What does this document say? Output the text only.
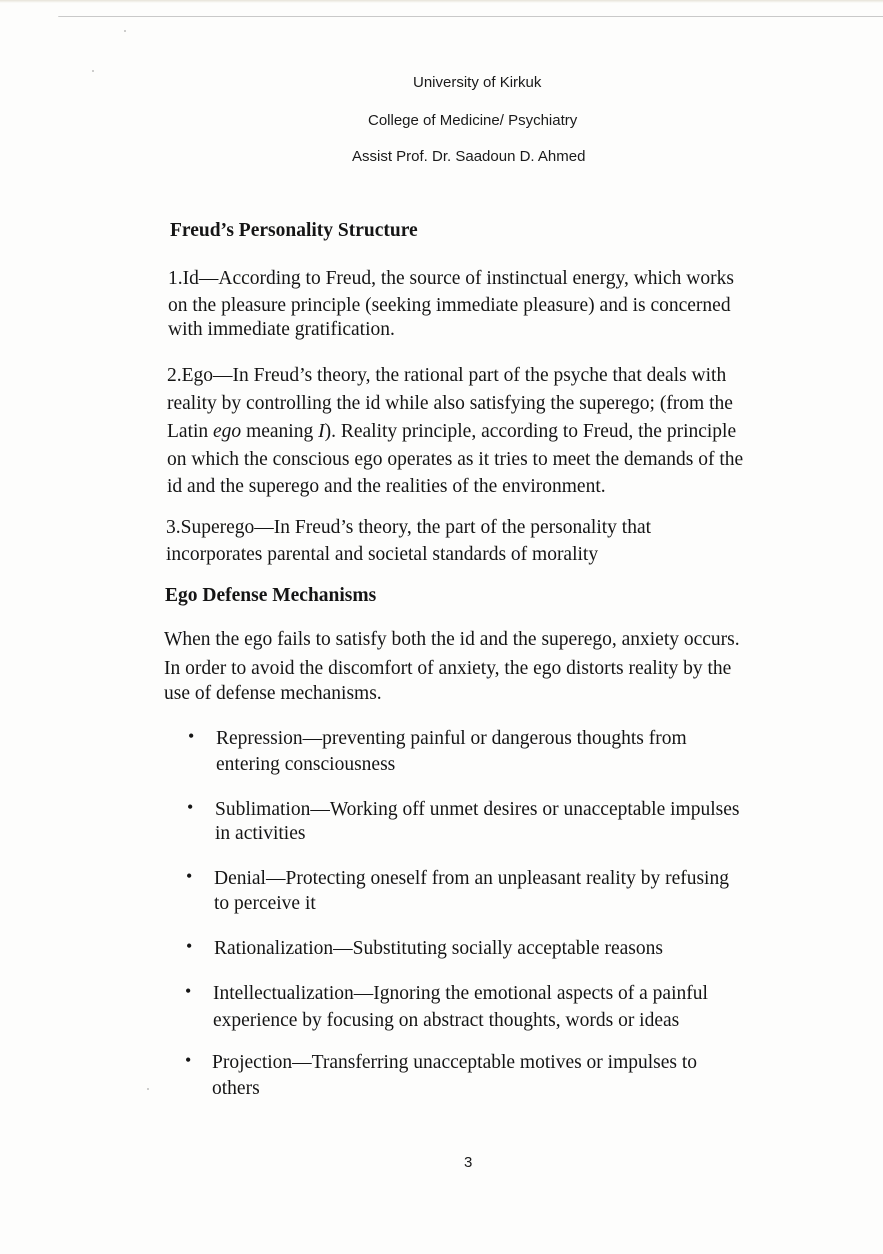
University of Kirkuk
College of Medicine/ Psychiatry
Assist Prof. Dr. Saadoun D. Ahmed
Freud’s Personality Structure
1.Id—According to Freud, the source of instinctual energy, which works
on the pleasure principle (seeking immediate pleasure) and is concerned
with immediate gratification.
2.Ego—In Freud’s theory, the rational part of the psyche that deals with
reality by controlling the id while also satisfying the superego; (from the
Latin ego meaning I). Reality principle, according to Freud, the principle
on which the conscious ego operates as it tries to meet the demands of the
id and the superego and the realities of the environment.
3.Superego—In Freud’s theory, the part of the personality that
incorporates parental and societal standards of morality
Ego Defense Mechanisms
When the ego fails to satisfy both the id and the superego, anxiety occurs.
In order to avoid the discomfort of anxiety, the ego distorts reality by the
use of defense mechanisms.
• Repression—preventing painful or dangerous thoughts from
entering consciousness
• Sublimation—Working off unmet desires or unacceptable impulses
in activities
• Denial—Protecting oneself from an unpleasant reality by refusing
to perceive it
• Rationalization—Substituting socially acceptable reasons
• Intellectualization—Ignoring the emotional aspects of a painful
experience by focusing on abstract thoughts, words or ideas
• Projection—Transferring unacceptable motives or impulses to
others
3
